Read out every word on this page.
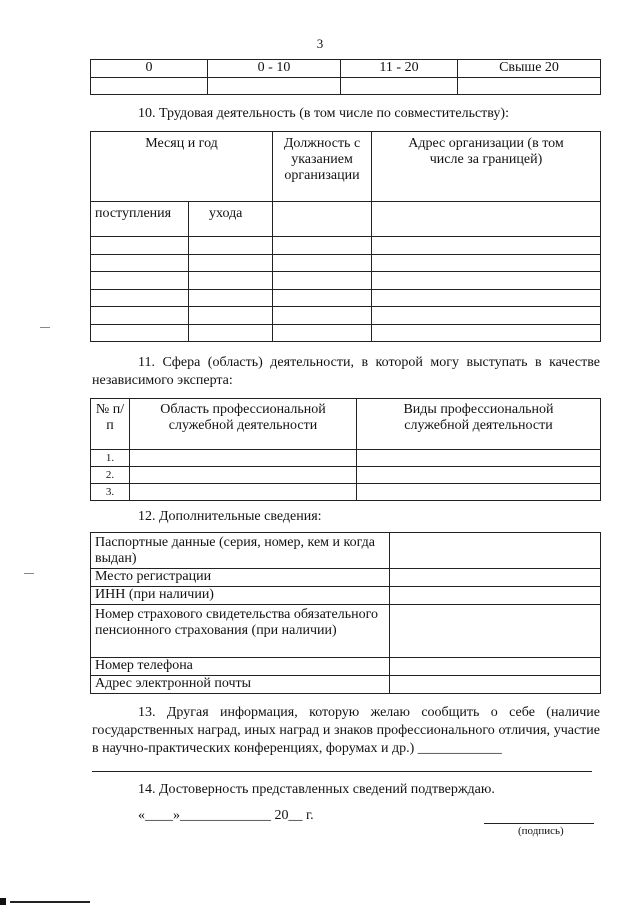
3
0	0 - 10	11 - 20	Свыше 20

10. Трудовая деятельность (в том числе по совместительству):
Месяц и год		Должность с указанием организации	Адрес организации (в том числе за границей)
поступления	ухода		

11. Сфера (область) деятельности, в которой могу выступать в качестве независимого эксперта:
№ п/п	Область профессиональной служебной деятельности	Виды профессиональной служебной деятельности
1.		
2.		
3.		
12. Дополнительные сведения:
Паспортные данные (серия, номер, кем и когда выдан)	
Место регистрации	
ИНН (при наличии)	
Номер страхового свидетельства обязательного пенсионного страхования (при наличии)	
Номер телефона	
Адрес электронной почты	
13. Другая информация, которую желаю сообщить о себе (наличие государственных наград, иных наград и знаков профессионального отличия, участие в научно-практических конференциях, форумах и др.) ____________
14. Достоверность представленных сведений подтверждаю.
«____»_____________ 20__ г.
(подпись)
